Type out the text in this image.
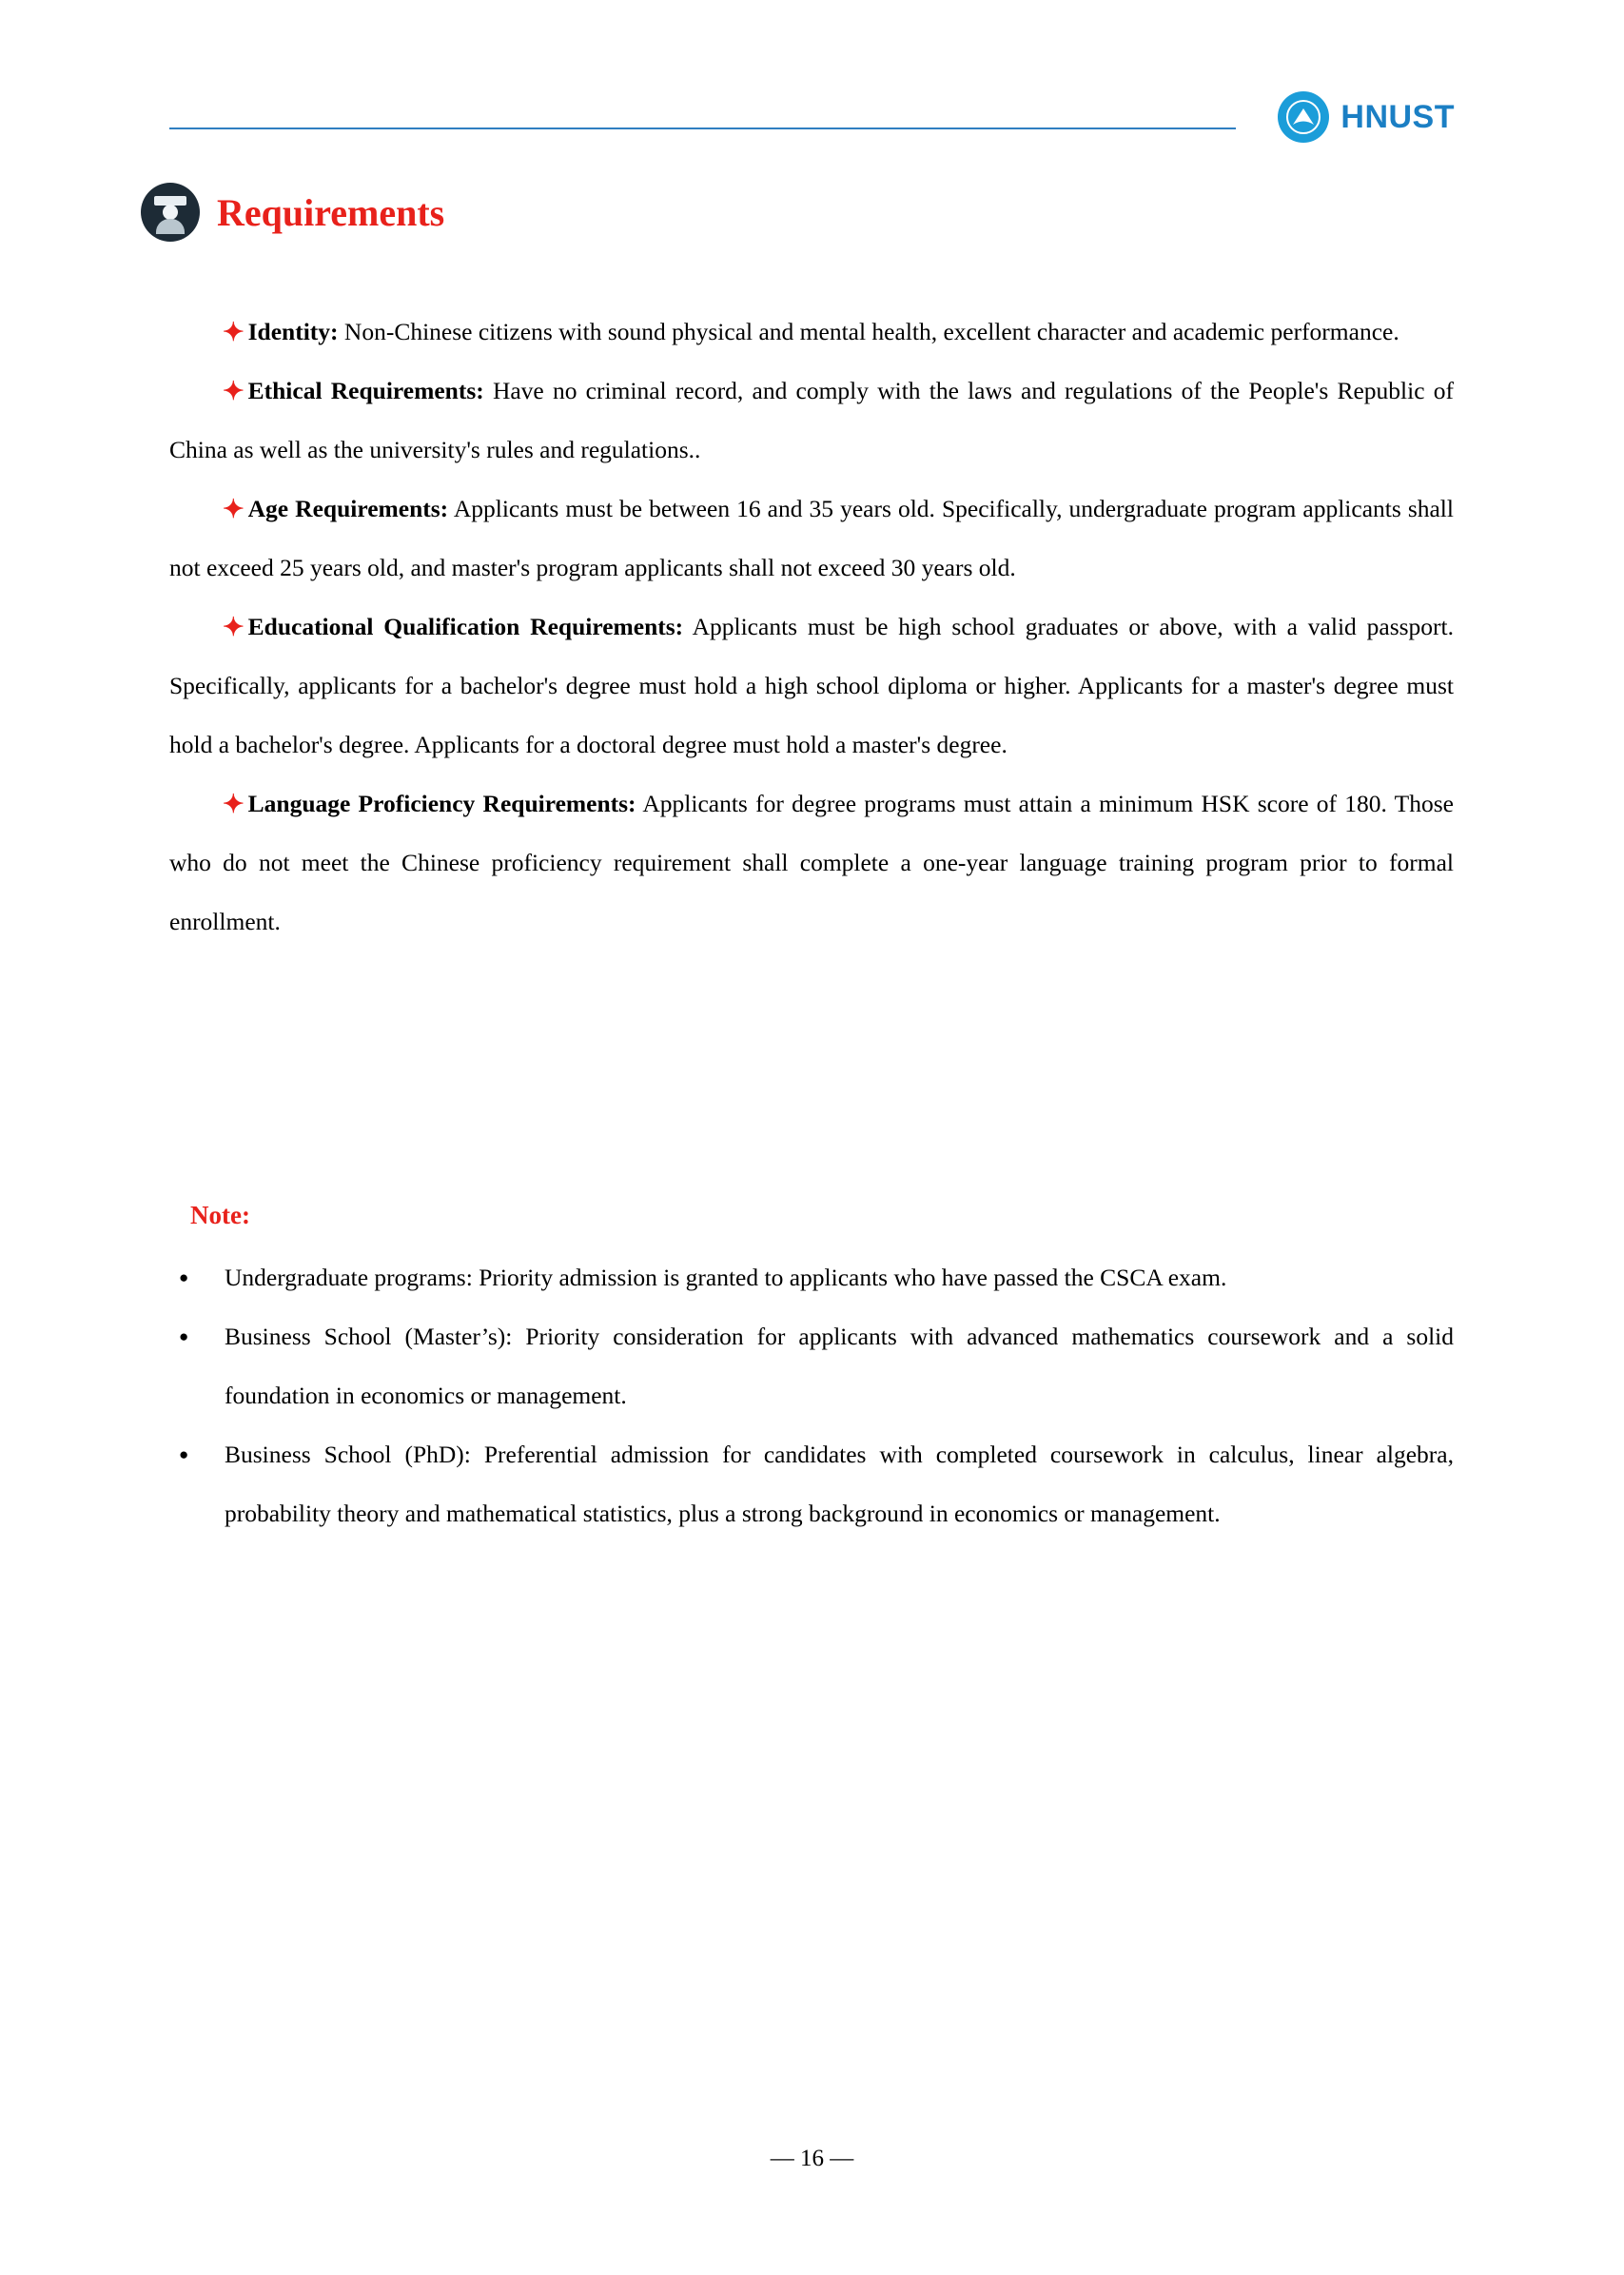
HNUST
Requirements

✦ Identity: Non-Chinese citizens with sound physical and mental health, excellent character and academic performance.

✦ Ethical Requirements: Have no criminal record, and comply with the laws and regulations of the People's Republic of China as well as the university's rules and regulations..

✦ Age Requirements: Applicants must be between 16 and 35 years old. Specifically, undergraduate program applicants shall not exceed 25 years old, and master's program applicants shall not exceed 30 years old.

✦ Educational Qualification Requirements: Applicants must be high school graduates or above, with a valid passport. Specifically, applicants for a bachelor's degree must hold a high school diploma or higher. Applicants for a master's degree must hold a bachelor's degree. Applicants for a doctoral degree must hold a master's degree.

✦ Language Proficiency Requirements: Applicants for degree programs must attain a minimum HSK score of 180. Those who do not meet the Chinese proficiency requirement shall complete a one-year language training program prior to formal enrollment.

Note:
● Undergraduate programs: Priority admission is granted to applicants who have passed the CSCA exam.
● Business School (Master’s): Priority consideration for applicants with advanced mathematics coursework and a solid foundation in economics or management.
● Business School (PhD): Preferential admission for candidates with completed coursework in calculus, linear algebra, probability theory and mathematical statistics, plus a strong background in economics or management.
— 16 —
